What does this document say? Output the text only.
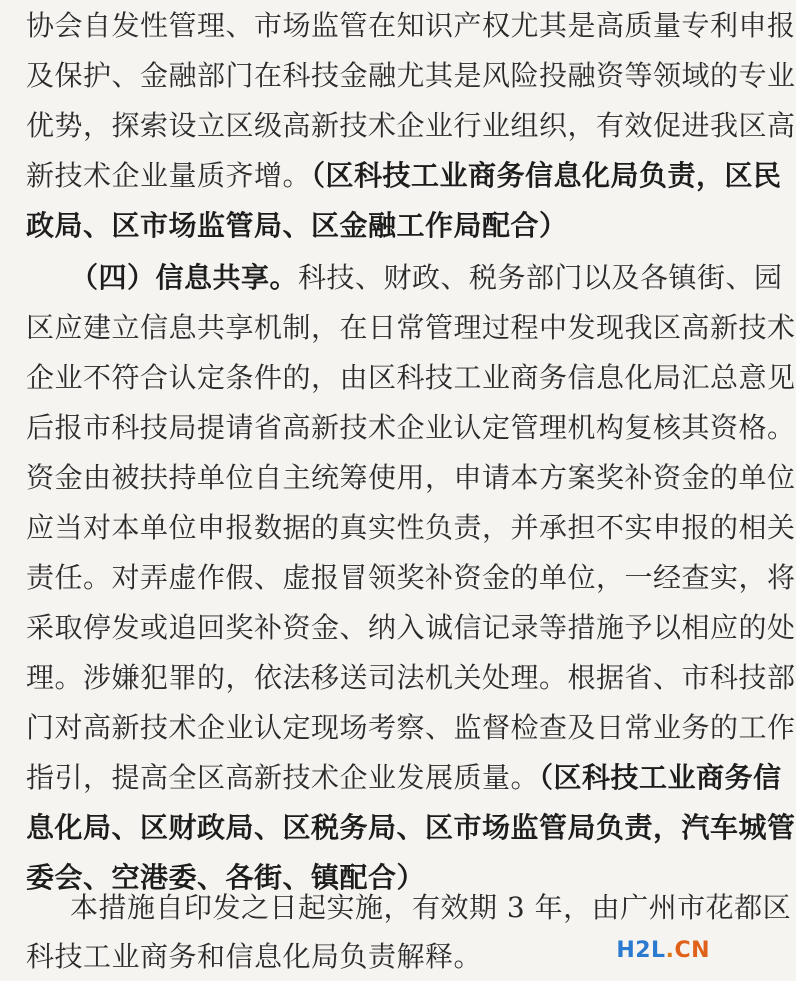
协会自发性管理、市场监管在知识产权尤其是高质量专利申报
及保护、金融部门在科技金融尤其是风险投融资等领域的专业
优势，探索设立区级高新技术企业行业组织，有效促进我区高
新技术企业量质齐增。（区科技工业商务信息化局负责，区民
政局、区市场监管局、区金融工作局配合）
（四）信息共享。科技、财政、税务部门以及各镇街、园
区应建立信息共享机制，在日常管理过程中发现我区高新技术
企业不符合认定条件的，由区科技工业商务信息化局汇总意见
后报市科技局提请省高新技术企业认定管理机构复核其资格。
资金由被扶持单位自主统筹使用，申请本方案奖补资金的单位
应当对本单位申报数据的真实性负责，并承担不实申报的相关
责任。对弄虚作假、虚报冒领奖补资金的单位，一经查实，将
采取停发或追回奖补资金、纳入诚信记录等措施予以相应的处
理。涉嫌犯罪的，依法移送司法机关处理。根据省、市科技部
门对高新技术企业认定现场考察、监督检查及日常业务的工作
指引，提高全区高新技术企业发展质量。（区科技工业商务信
息化局、区财政局、区税务局、区市场监管局负责，汽车城管
委会、空港委、各街、镇配合）
本措施自印发之日起实施，有效期 3 年，由广州市花都区
科技工业商务和信息化局负责解释。	H2L.CN
